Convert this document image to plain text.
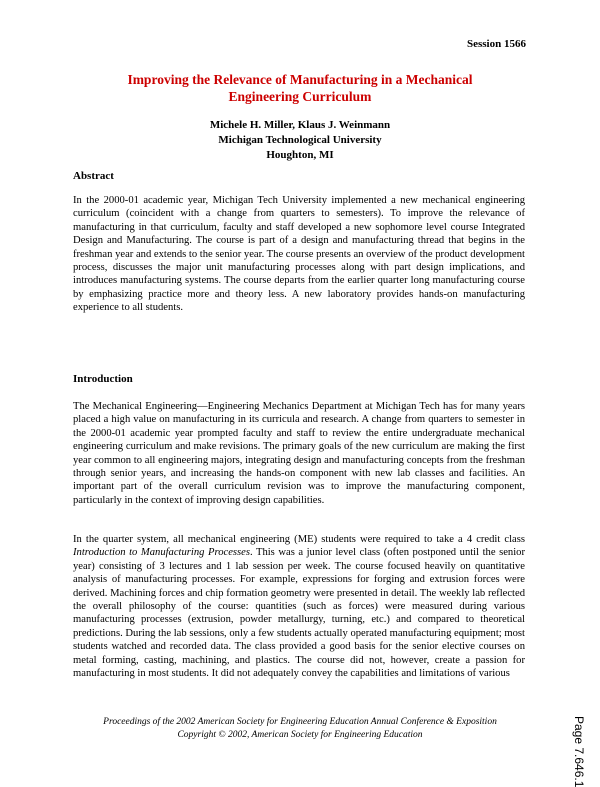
Session 1566
Improving the Relevance of Manufacturing in a Mechanical
Engineering Curriculum
Michele H. Miller, Klaus J. Weinmann
Michigan Technological University
Houghton, MI
Abstract
In the 2000-01 academic year, Michigan Tech University implemented a new mechanical engineering curriculum (coincident with a change from quarters to semesters). To improve the relevance of manufacturing in that curriculum, faculty and staff developed a new sophomore level course Integrated Design and Manufacturing. The course is part of a design and manufacturing thread that begins in the freshman year and extends to the senior year. The course presents an overview of the product development process, discusses the major unit manufacturing processes along with part design implications, and introduces manufacturing systems. The course departs from the earlier quarter long manufacturing course by emphasizing practice more and theory less. A new laboratory provides hands-on manufacturing experience to all students.
Introduction
The Mechanical Engineering—Engineering Mechanics Department at Michigan Tech has for many years placed a high value on manufacturing in its curricula and research. A change from quarters to semester in the 2000-01 academic year prompted faculty and staff to review the entire undergraduate mechanical engineering curriculum and make revisions. The primary goals of the new curriculum are making the first year common to all engineering majors, integrating design and manufacturing concepts from the freshman through senior years, and increasing the hands-on component with new lab classes and facilities. An important part of the overall curriculum revision was to improve the manufacturing component, particularly in the context of improving design capabilities.
In the quarter system, all mechanical engineering (ME) students were required to take a 4 credit class Introduction to Manufacturing Processes. This was a junior level class (often postponed until the senior year) consisting of 3 lectures and 1 lab session per week. The course focused heavily on quantitative analysis of manufacturing processes. For example, expressions for forging and extrusion forces were derived. Machining forces and chip formation geometry were presented in detail. The weekly lab reflected the overall philosophy of the course: quantities (such as forces) were measured during various manufacturing processes (extrusion, powder metallurgy, turning, etc.) and compared to theoretical predictions. During the lab sessions, only a few students actually operated manufacturing equipment; most students watched and recorded data. The class provided a good basis for the senior elective courses on metal forming, casting, machining, and plastics. The course did not, however, create a passion for manufacturing in most students. It did not adequately convey the capabilities and limitations of various
Page 7.646.1
Proceedings of the 2002 American Society for Engineering Education Annual Conference & Exposition
Copyright © 2002, American Society for Engineering Education
